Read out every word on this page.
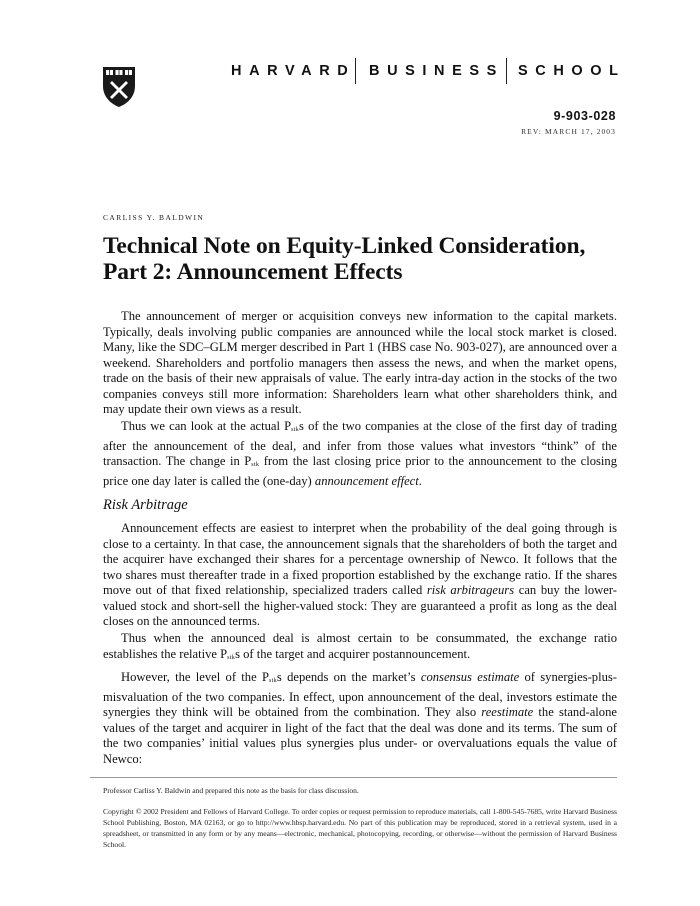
HARVARD BUSINESS SCHOOL
9-903-028
REV: MARCH 17, 2003
CARLISS Y. BALDWIN
Technical Note on Equity-Linked Consideration,
Part 2: Announcement Effects

The announcement of merger or acquisition conveys new information to the capital markets. Typically, deals involving public companies are announced while the local stock market is closed. Many, like the SDC–GLM merger described in Part 1 (HBS case No. 903-027), are announced over a weekend. Shareholders and portfolio managers then assess the news, and when the market opens, trade on the basis of their new appraisals of value. The early intra-day action in the stocks of the two companies conveys still more information: Shareholders learn what other shareholders think, and may update their own views as a result.

Thus we can look at the actual Pstks of the two companies at the close of the first day of trading after the announcement of the deal, and infer from those values what investors “think” of the transaction. The change in Pstk from the last closing price prior to the announcement to the closing price one day later is called the (one-day) announcement effect.

Risk Arbitrage

Announcement effects are easiest to interpret when the probability of the deal going through is close to a certainty. In that case, the announcement signals that the shareholders of both the target and the acquirer have exchanged their shares for a percentage ownership of Newco. It follows that the two shares must thereafter trade in a fixed proportion established by the exchange ratio. If the shares move out of that fixed relationship, specialized traders called risk arbitrageurs can buy the lower-valued stock and short-sell the higher-valued stock: They are guaranteed a profit as long as the deal closes on the announced terms.

Thus when the announced deal is almost certain to be consummated, the exchange ratio establishes the relative Pstks of the target and acquirer postannouncement.

However, the level of the Pstks depends on the market’s consensus estimate of synergies-plus-misvaluation of the two companies. In effect, upon announcement of the deal, investors estimate the synergies they think will be obtained from the combination. They also reestimate the stand-alone values of the target and acquirer in light of the fact that the deal was done and its terms. The sum of the two companies’ initial values plus synergies plus under- or overvaluations equals the value of Newco:

Professor Carliss Y. Baldwin and prepared this note as the basis for class discussion.

Copyright © 2002 President and Fellows of Harvard College. To order copies or request permission to reproduce materials, call 1-800-545-7685, write Harvard Business School Publishing, Boston, MA 02163, or go to http://www.hbsp.harvard.edu. No part of this publication may be reproduced, stored in a retrieval system, used in a spreadsheet, or transmitted in any form or by any means—electronic, mechanical, photocopying, recording, or otherwise—without the permission of Harvard Business School.
